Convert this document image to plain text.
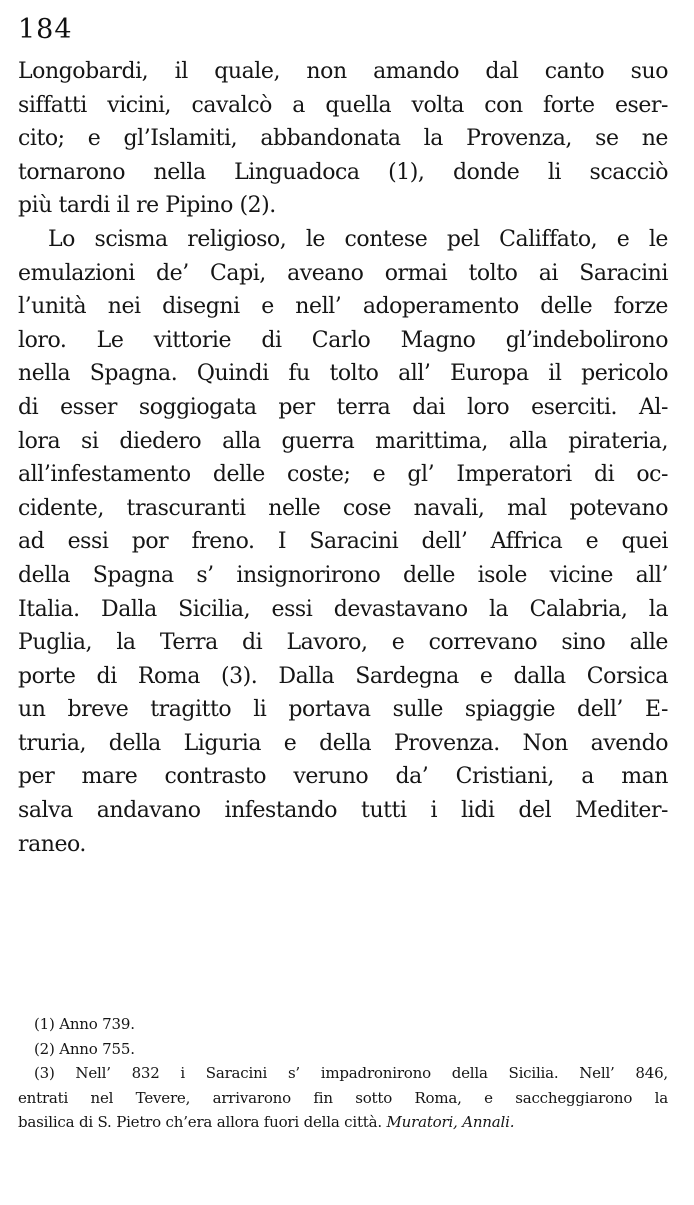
184
Longobardi, il quale, non amando dal canto suo
siffatti vicini, cavalcò a quella volta con forte eser-
cito; e gl’Islamiti, abbandonata la Provenza, se ne
tornarono nella Linguadoca (1), donde li scacciò
più tardi il re Pipino (2).
Lo scisma religioso, le contese pel Califfato, e le
emulazioni de’ Capi, aveano ormai tolto ai Saracini
l’unità nei disegni e nell’ adoperamento delle forze
loro. Le vittorie di Carlo Magno gl’indebolirono
nella Spagna. Quindi fu tolto all’ Europa il pericolo
di esser soggiogata per terra dai loro eserciti. Al-
lora si diedero alla guerra marittima, alla pirateria,
all’infestamento delle coste; e gl’ Imperatori di oc-
cidente, trascuranti nelle cose navali, mal potevano
ad essi por freno. I Saracini dell’ Affrica e quei
della Spagna s’ insignorirono delle isole vicine all’
Italia. Dalla Sicilia, essi devastavano la Calabria, la
Puglia, la Terra di Lavoro, e correvano sino alle
porte di Roma (3). Dalla Sardegna e dalla Corsica
un breve tragitto li portava sulle spiaggie dell’ E-
truria, della Liguria e della Provenza. Non avendo
per mare contrasto veruno da’ Cristiani, a man
salva andavano infestando tutti i lidi del Mediter-
raneo.
(1) Anno 739.
(2) Anno 755.
(3) Nell’ 832 i Saracini s’ impadronirono della Sicilia. Nell’ 846,
entrati nel Tevere, arrivarono fin sotto Roma, e saccheggiarono la
basilica di S. Pietro ch’era allora fuori della città. Muratori, Annali.
